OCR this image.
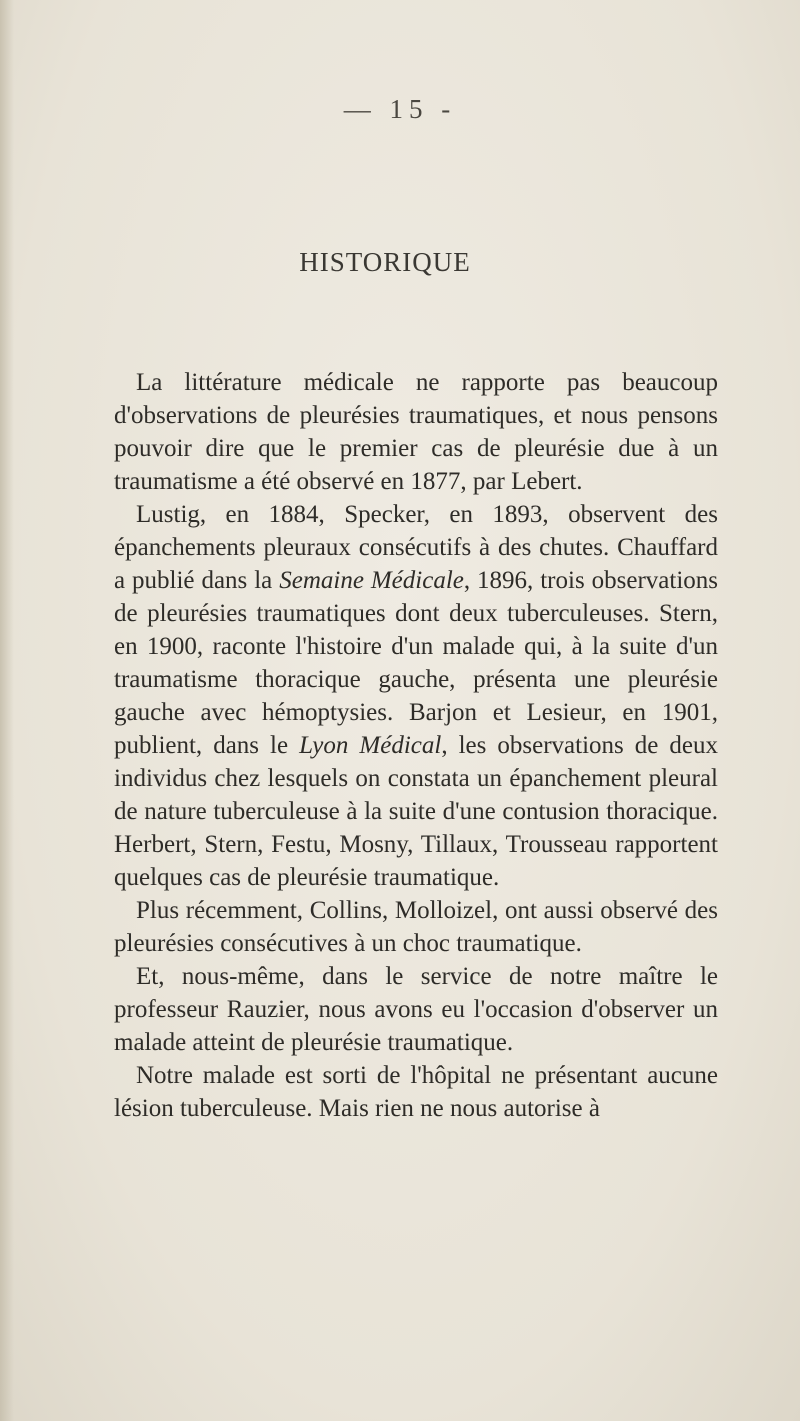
— 15 -
HISTORIQUE

La littérature médicale ne rapporte pas beaucoup d'observations de pleurésies traumatiques, et nous pensons pouvoir dire que le premier cas de pleurésie due à un traumatisme a été observé en 1877, par Lebert.

Lustig, en 1884, Specker, en 1893, observent des épanchements pleuraux consécutifs à des chutes. Chauffard a publié dans la Semaine Médicale, 1896, trois observations de pleurésies traumatiques dont deux tuberculeuses. Stern, en 1900, raconte l'histoire d'un malade qui, à la suite d'un traumatisme thoracique gauche, présenta une pleurésie gauche avec hémoptysies. Barjon et Lesieur, en 1901, publient, dans le Lyon Médical, les observations de deux individus chez lesquels on constata un épanchement pleural de nature tuberculeuse à la suite d'une contusion thoracique. Herbert, Stern, Festu, Mosny, Tillaux, Trousseau rapportent quelques cas de pleurésie traumatique.

Plus récemment, Collins, Molloizel, ont aussi observé des pleurésies consécutives à un choc traumatique.

Et, nous-même, dans le service de notre maître le professeur Rauzier, nous avons eu l'occasion d'observer un malade atteint de pleurésie traumatique.

Notre malade est sorti de l'hôpital ne présentant aucune lésion tuberculeuse. Mais rien ne nous autorise à
